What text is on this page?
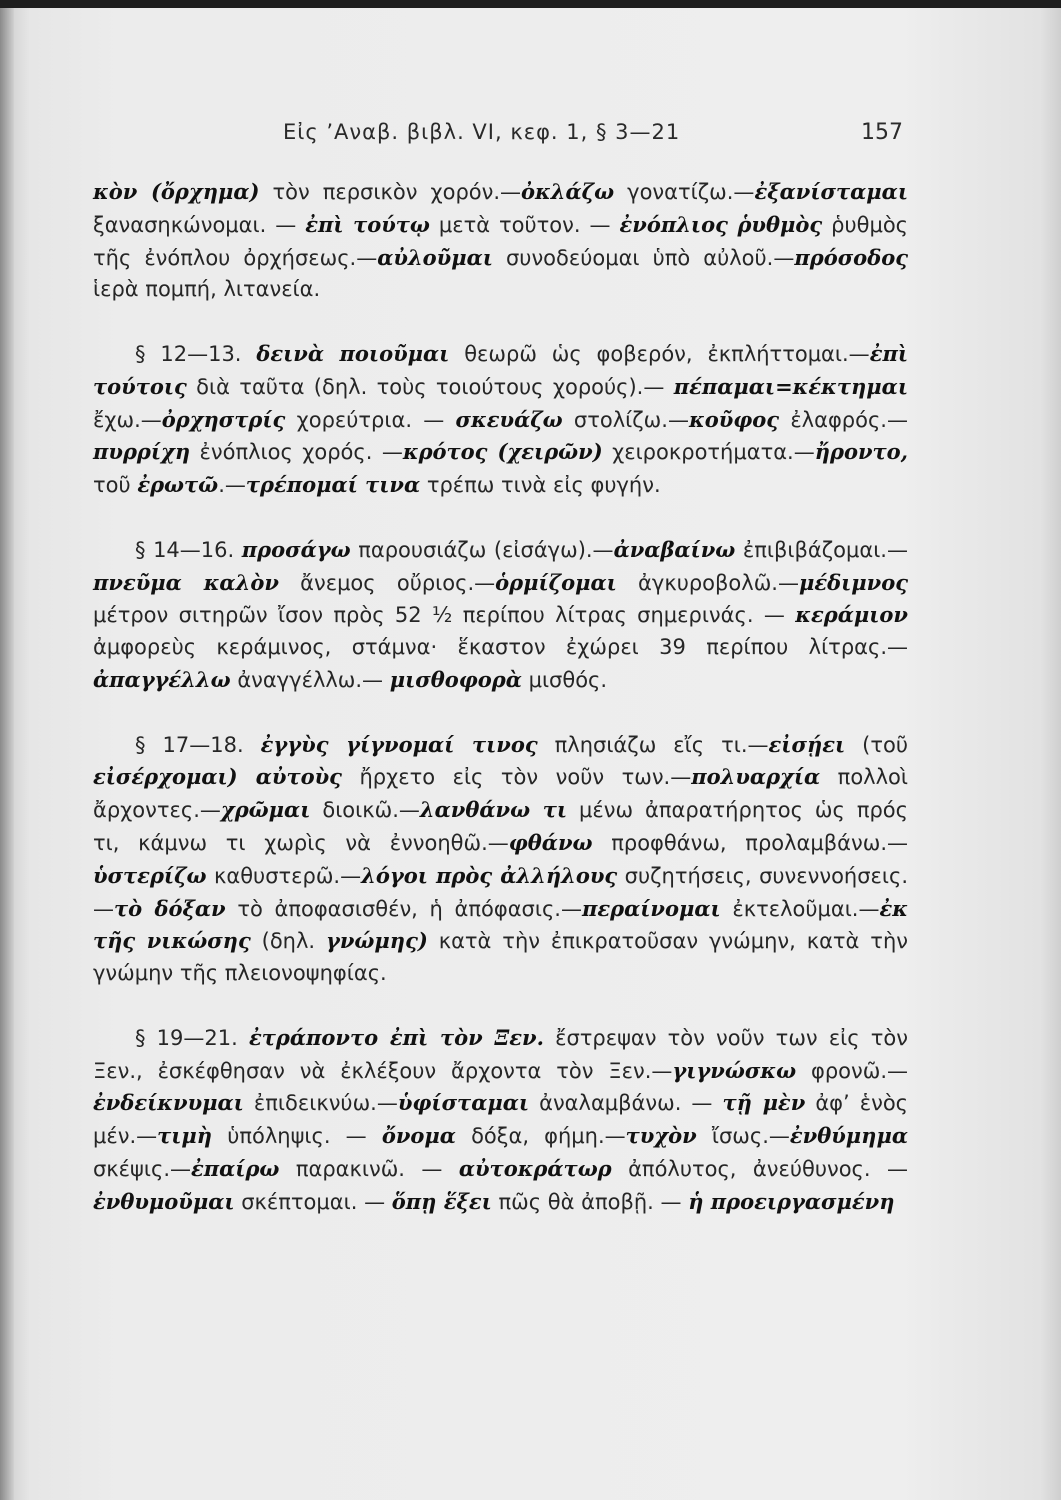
Εἰς ’Αναβ. βιβλ. VI, κεφ. 1, § 3—21	157

κὸν (ὄρχημα) τὸν περσικὸν χορόν.—ὀκλάζω γονατίζω.—ἐξανίσταμαι ξανασηκώνομαι. — ἐπὶ τούτῳ μετὰ τοῦτον. — ἐνόπλιος ῥυθμὸς ῥυθμὸς τῆς ἐνόπλου ὀρχήσεως.—αὐλοῦμαι συνοδεύομαι ὑπὸ αὐλοῦ.—πρόσοδος ἱερὰ πομπή, λιτανεία.

§ 12—13. δεινὰ ποιοῦμαι θεωρῶ ὡς φοβερόν, ἐκπλήττομαι.—ἐπὶ τούτοις διὰ ταῦτα (δηλ. τοὺς τοιούτους χορούς).— πέπαμαι=κέκτημαι ἔχω.—ὀρχηστρίς χορεύτρια. — σκευάζω στολίζω.—κοῦφος ἐλαφρός.—πυρρίχη ἐνόπλιος χορός. —κρότος (χειρῶν) χειροκροτήματα.—ἤροντο, τοῦ ἐρωτῶ.—τρέπομαί τινα τρέπω τινὰ εἰς φυγήν.

§ 14—16. προσάγω παρουσιάζω (εἰσάγω).—ἀναβαίνω ἐπιβιβάζομαι.—πνεῦμα καλὸν ἄνεμος οὔριος.—ὁρμίζομαι ἀγκυροβολῶ.—μέδιμνος μέτρον σιτηρῶν ἴσον πρὸς 52 ½ περίπου λίτρας σημερινάς. — κεράμιον ἀμφορεὺς κεράμινος, στάμνα· ἕκαστον ἐχώρει 39 περίπου λίτρας.—ἀπαγγέλλω ἀναγγέλλω.— μισθοφορὰ μισθός.

§ 17—18. ἐγγὺς γίγνομαί τινος πλησιάζω εἴς τι.—εἰσῄει (τοῦ εἰσέρχομαι) αὐτοὺς ἤρχετο εἰς τὸν νοῦν των.—πολυαρχία πολλοὶ ἄρχοντες.—χρῶμαι διοικῶ.—λανθάνω τι μένω ἀπαρατήρητος ὡς πρός τι, κάμνω τι χωρὶς νὰ ἐννοηθῶ.—φθάνω προφθάνω, προλαμβάνω.—ὑστερίζω καθυστερῶ.—λόγοι πρὸς ἀλλήλους συζητήσεις, συνεννοήσεις.—τὸ δόξαν τὸ ἀποφασισθέν, ἡ ἀπόφασις.—περαίνομαι ἐκτελοῦμαι.—ἐκ τῆς νικώσης (δηλ. γνώμης) κατὰ τὴν ἐπικρατοῦσαν γνώμην, κατὰ τὴν γνώμην τῆς πλειονοψηφίας.

§ 19—21. ἐτράποντο ἐπὶ τὸν Ξεν. ἔστρεψαν τὸν νοῦν των εἰς τὸν Ξεν., ἐσκέφθησαν νὰ ἐκλέξουν ἄρχοντα τὸν Ξεν.—γιγνώσκω φρονῶ.—ἐνδείκνυμαι ἐπιδεικνύω.—ὑφίσταμαι ἀναλαμβάνω. — τῇ μὲν ἀφ’ ἑνὸς μέν.—τιμὴ ὑπόληψις. — ὄνομα δόξα, φήμη.—τυχὸν ἴσως.—ἐνθύμημα σκέψις.—ἐπαίρω παρακινῶ. — αὐτοκράτωρ ἀπόλυτος, ἀνεύθυνος. — ἐνθυμοῦμαι σκέπτομαι. — ὅπῃ ἕξει πῶς θὰ ἀποβῇ. — ἡ προειργασμένη
